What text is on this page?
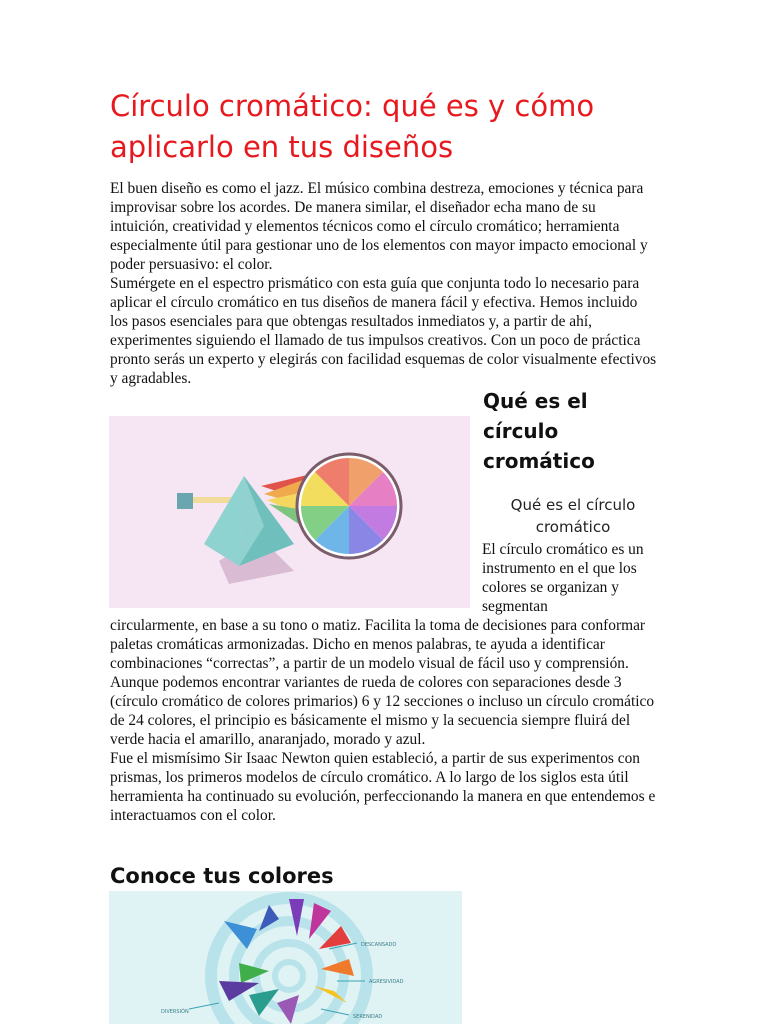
Círculo cromático: qué es y cómo aplicarlo en tus diseños

El buen diseño es como el jazz. El músico combina destreza, emociones y técnica para improvisar sobre los acordes. De manera similar, el diseñador echa mano de su intuición, creatividad y elementos técnicos como el círculo cromático; herramienta especialmente útil para gestionar uno de los elementos con mayor impacto emocional y poder persuasivo: el color.

Sumérgete en el espectro prismático con esta guía que conjunta todo lo necesario para aplicar el círculo cromático en tus diseños de manera fácil y efectiva. Hemos incluido los pasos esenciales para que obtengas resultados inmediatos y, a partir de ahí, experimentes siguiendo el llamado de tus impulsos creativos. Con un poco de práctica pronto serás un experto y elegirás con facilidad esquemas de color visualmente efectivos y agradables.

Qué es el círculo cromático

Qué es el círculo cromático

El círculo cromático es un instrumento en el que los colores se organizan y segmentan

circularmente, en base a su tono o matiz. Facilita la toma de decisiones para conformar paletas cromáticas armonizadas. Dicho en menos palabras, te ayuda a identificar combinaciones “correctas”, a partir de un modelo visual de fácil uso y comprensión.

Aunque podemos encontrar variantes de rueda de colores con separaciones desde 3 (círculo cromático de colores primarios) 6 y 12 secciones o incluso un círculo cromático de 24 colores, el principio es básicamente el mismo y la secuencia siempre fluirá del verde hacia el amarillo, anaranjado, morado y azul.

Fue el mismísimo Sir Isaac Newton quien estableció, a partir de sus experimentos con prismas, los primeros modelos de círculo cromático. A lo largo de los siglos esta útil herramienta ha continuado su evolución, perfeccionando la manera en que entendemos e interactuamos con el color.

Conoce tus colores
DESCANSADO
AGRESIVIDAD
DIVERSIÓN
SERENIDAD
